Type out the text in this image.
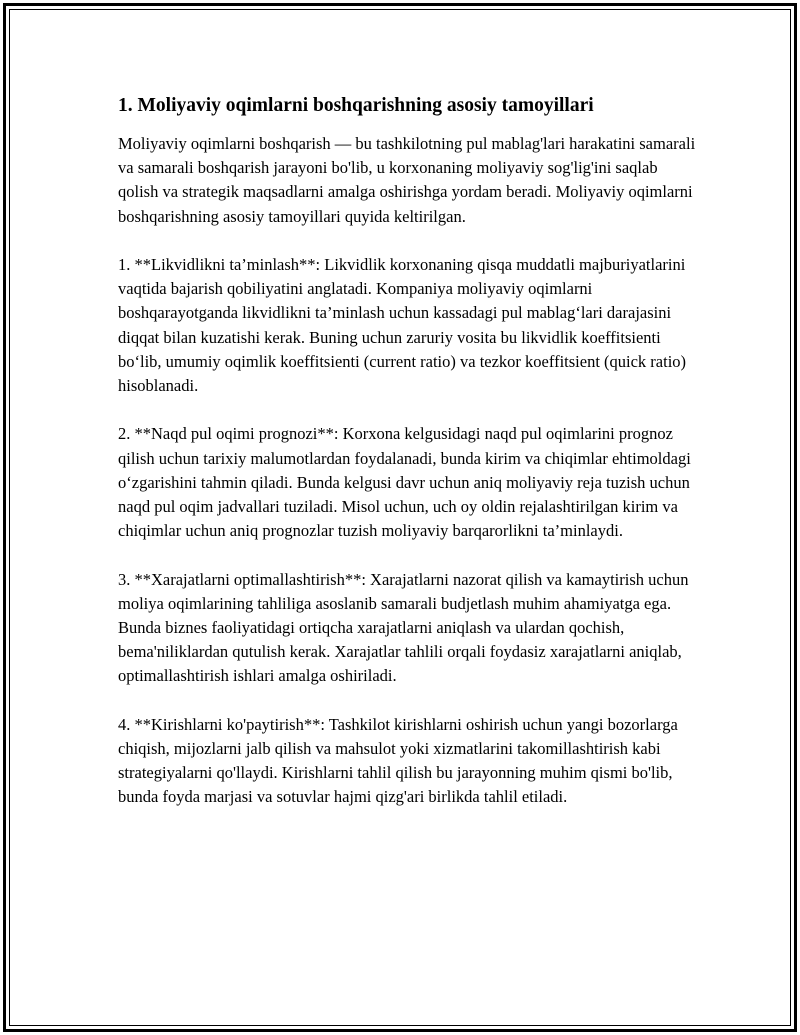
1. Moliyaviy oqimlarni boshqarishning asosiy tamoyillari

Moliyaviy oqimlarni boshqarish — bu tashkilotning pul mablag'lari harakatini samarali va samarali boshqarish jarayoni bo'lib, u korxonaning moliyaviy sog'lig'ini saqlab qolish va strategik maqsadlarni amalga oshirishga yordam beradi. Moliyaviy oqimlarni boshqarishning asosiy tamoyillari quyida keltirilgan.

1. **Likvidlikni ta’minlash**: Likvidlik korxonaning qisqa muddatli majburiyatlarini vaqtida bajarish qobiliyatini anglatadi. Kompaniya moliyaviy oqimlarni boshqarayotganda likvidlikni ta’minlash uchun kassadagi pul mablag‘lari darajasini diqqat bilan kuzatishi kerak. Buning uchun zaruriy vosita bu likvidlik koeffitsienti bo‘lib, umumiy oqimlik koeffitsienti (current ratio) va tezkor koeffitsient (quick ratio) hisoblanadi.

2. **Naqd pul oqimi prognozi**: Korxona kelgusidagi naqd pul oqimlarini prognoz qilish uchun tarixiy malumotlardan foydalanadi, bunda kirim va chiqimlar ehtimoldagi o‘zgarishini tahmin qiladi. Bunda kelgusi davr uchun aniq moliyaviy reja tuzish uchun naqd pul oqim jadvallari tuziladi. Misol uchun, uch oy oldin rejalashtirilgan kirim va chiqimlar uchun aniq prognozlar tuzish moliyaviy barqarorlikni ta’minlaydi.

3. **Xarajatlarni optimallashtirish**: Xarajatlarni nazorat qilish va kamaytirish uchun moliya oqimlarining tahliliga asoslanib samarali budjetlash muhim ahamiyatga ega. Bunda biznes faoliyatidagi ortiqcha xarajatlarni aniqlash va ulardan qochish, bema'niliklardan qutulish kerak. Xarajatlar tahlili orqali foydasiz xarajatlarni aniqlab, optimallashtirish ishlari amalga oshiriladi.

4. **Kirishlarni ko'paytirish**: Tashkilot kirishlarni oshirish uchun yangi bozorlarga chiqish, mijozlarni jalb qilish va mahsulot yoki xizmatlarini takomillashtirish kabi strategiyalarni qo'llaydi. Kirishlarni tahlil qilish bu jarayonning muhim qismi bo'lib, bunda foyda marjasi va sotuvlar hajmi qizg'ari birlikda tahlil etiladi.
